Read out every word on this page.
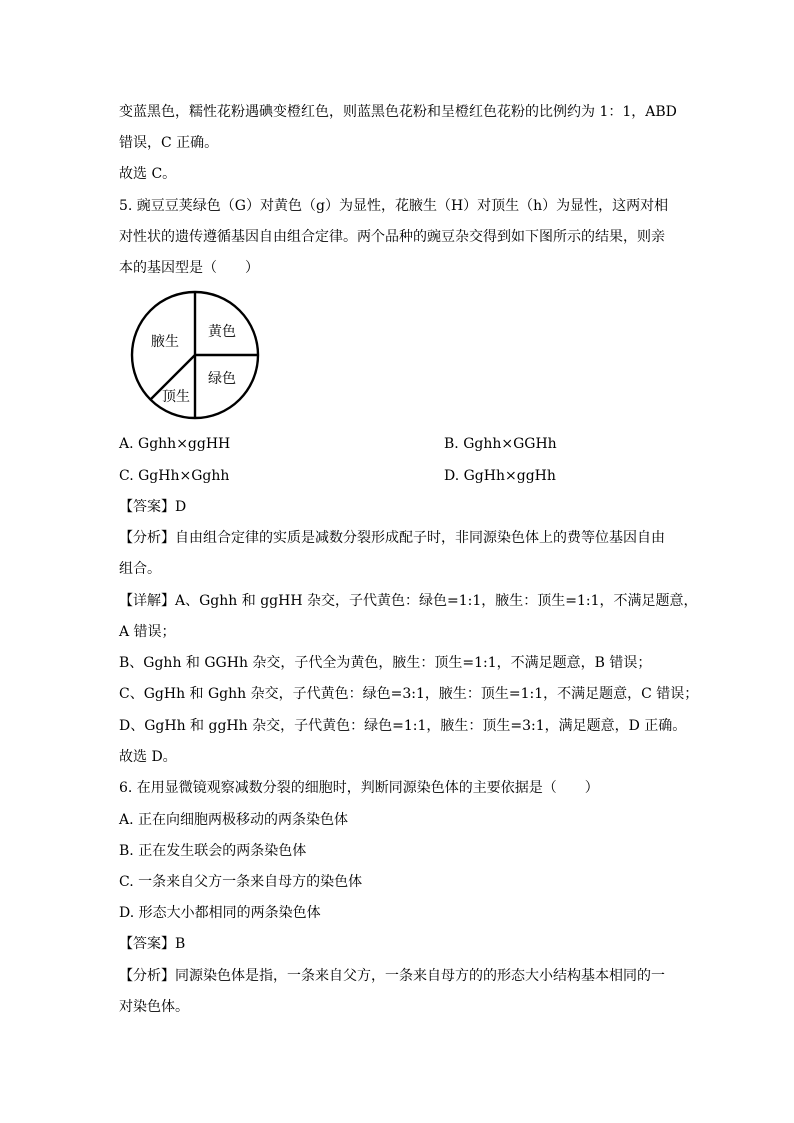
变蓝黑色，糯性花粉遇碘变橙红色，则蓝黑色花粉和呈橙红色花粉的比例约为 1：1，ABD
错误，C 正确。
故选 C。
5. 豌豆豆荚绿色（G）对黄色（g）为显性，花腋生（H）对顶生（h）为显性，这两对相
对性状的遗传遵循基因自由组合定律。两个品种的豌豆杂交得到如下图所示的结果，则亲
本的基因型是（　　）
腋生
黄色
绿色
顶生
A. Gghh×ggHH	B. Gghh×GGHh
C. GgHh×Gghh	D. GgHh×ggHh
【答案】D
【分析】自由组合定律的实质是减数分裂形成配子时，非同源染色体上的费等位基因自由
组合。
【详解】A、Gghh 和 ggHH 杂交，子代黄色：绿色=1:1，腋生：顶生=1:1，不满足题意，
A 错误；
B、Gghh 和 GGHh 杂交，子代全为黄色，腋生：顶生=1:1，不满足题意，B 错误；
C、GgHh 和 Gghh 杂交，子代黄色：绿色=3:1，腋生：顶生=1:1，不满足题意，C 错误；
D、GgHh 和 ggHh 杂交，子代黄色：绿色=1:1，腋生：顶生=3:1，满足题意，D 正确。
故选 D。
6. 在用显微镜观察减数分裂的细胞时，判断同源染色体的主要依据是（　　）
A. 正在向细胞两极移动的两条染色体
B. 正在发生联会的两条染色体
C. 一条来自父方一条来自母方的染色体
D. 形态大小都相同的两条染色体
【答案】B
【分析】同源染色体是指，一条来自父方，一条来自母方的的形态大小结构基本相同的一
对染色体。
